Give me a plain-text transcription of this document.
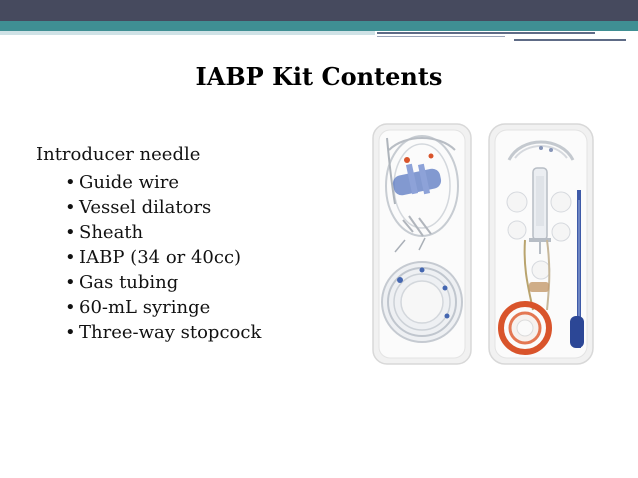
IABP Kit Contents
Introducer needle
• Guide wire
• Vessel dilators
• Sheath
• IABP (34 or 40cc)
• Gas tubing
• 60-mL syringe
• Three-way stopcock
